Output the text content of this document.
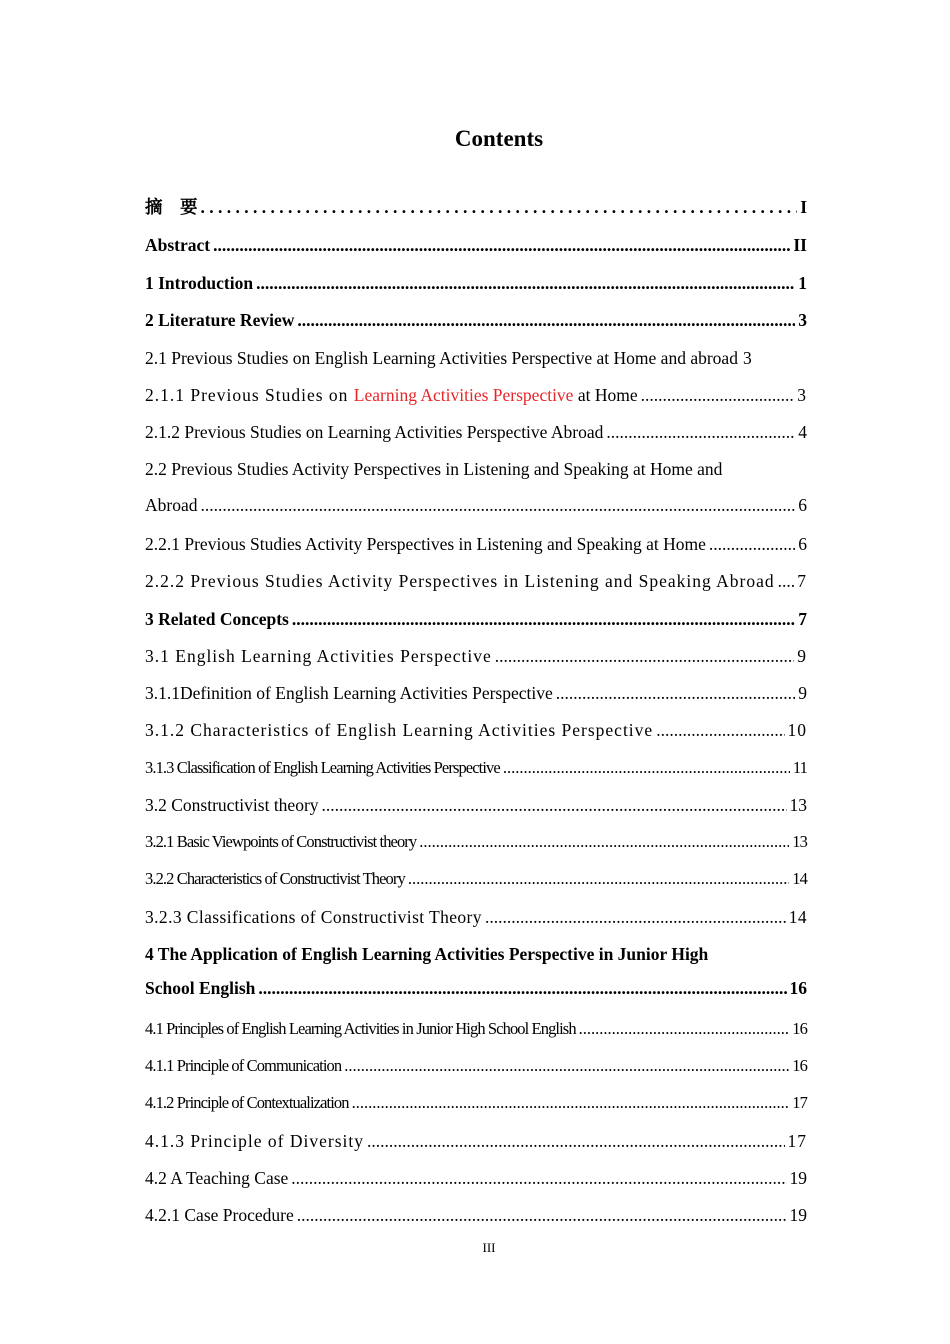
Contents
摘　要 . . .	I
Abstract .....	II
1 Introduction .....	1
2 Literature Review .....	3
2.1 Previous Studies on English Learning Activities Perspective at Home and abroad 3
2.1.1 Previous Studies on Learning Activities Perspective at Home .....	3
2.1.2 Previous Studies on Learning Activities Perspective Abroad .....	4
2.2 Previous Studies Activity Perspectives in Listening and Speaking at Home and
Abroad .....	6
2.2.1 Previous Studies Activity Perspectives in Listening and Speaking at Home .....	6
2.2.2 Previous Studies Activity Perspectives in Listening and Speaking Abroad ..... 7
3 Related Concepts .....	7
3.1 English Learning Activities Perspective .....	9
3.1.1Definition of English Learning Activities Perspective .....	9
3.1.2 Characteristics of English Learning Activities Perspective .....	10
3.1.3 Classification of English Learning Activities Perspective .....	11
3.2 Constructivist theory .....	13
3.2.1 Basic Viewpoints of Constructivist theory .....	13
3.2.2 Characteristics of Constructivist Theory .....	14
3.2.3 Classifications of Constructivist Theory .....	14
4 The Application of English Learning Activities Perspective in Junior High
School English .....	16
4.1 Principles of English Learning Activities in Junior High School English .....	16
4.1.1 Principle of Communication .....	16
4.1.2 Principle of Contextualization .....	17
4.1.3 Principle of Diversity .....	17
4.2 A Teaching Case .....	19
4.2.1 Case Procedure .....	19
III
